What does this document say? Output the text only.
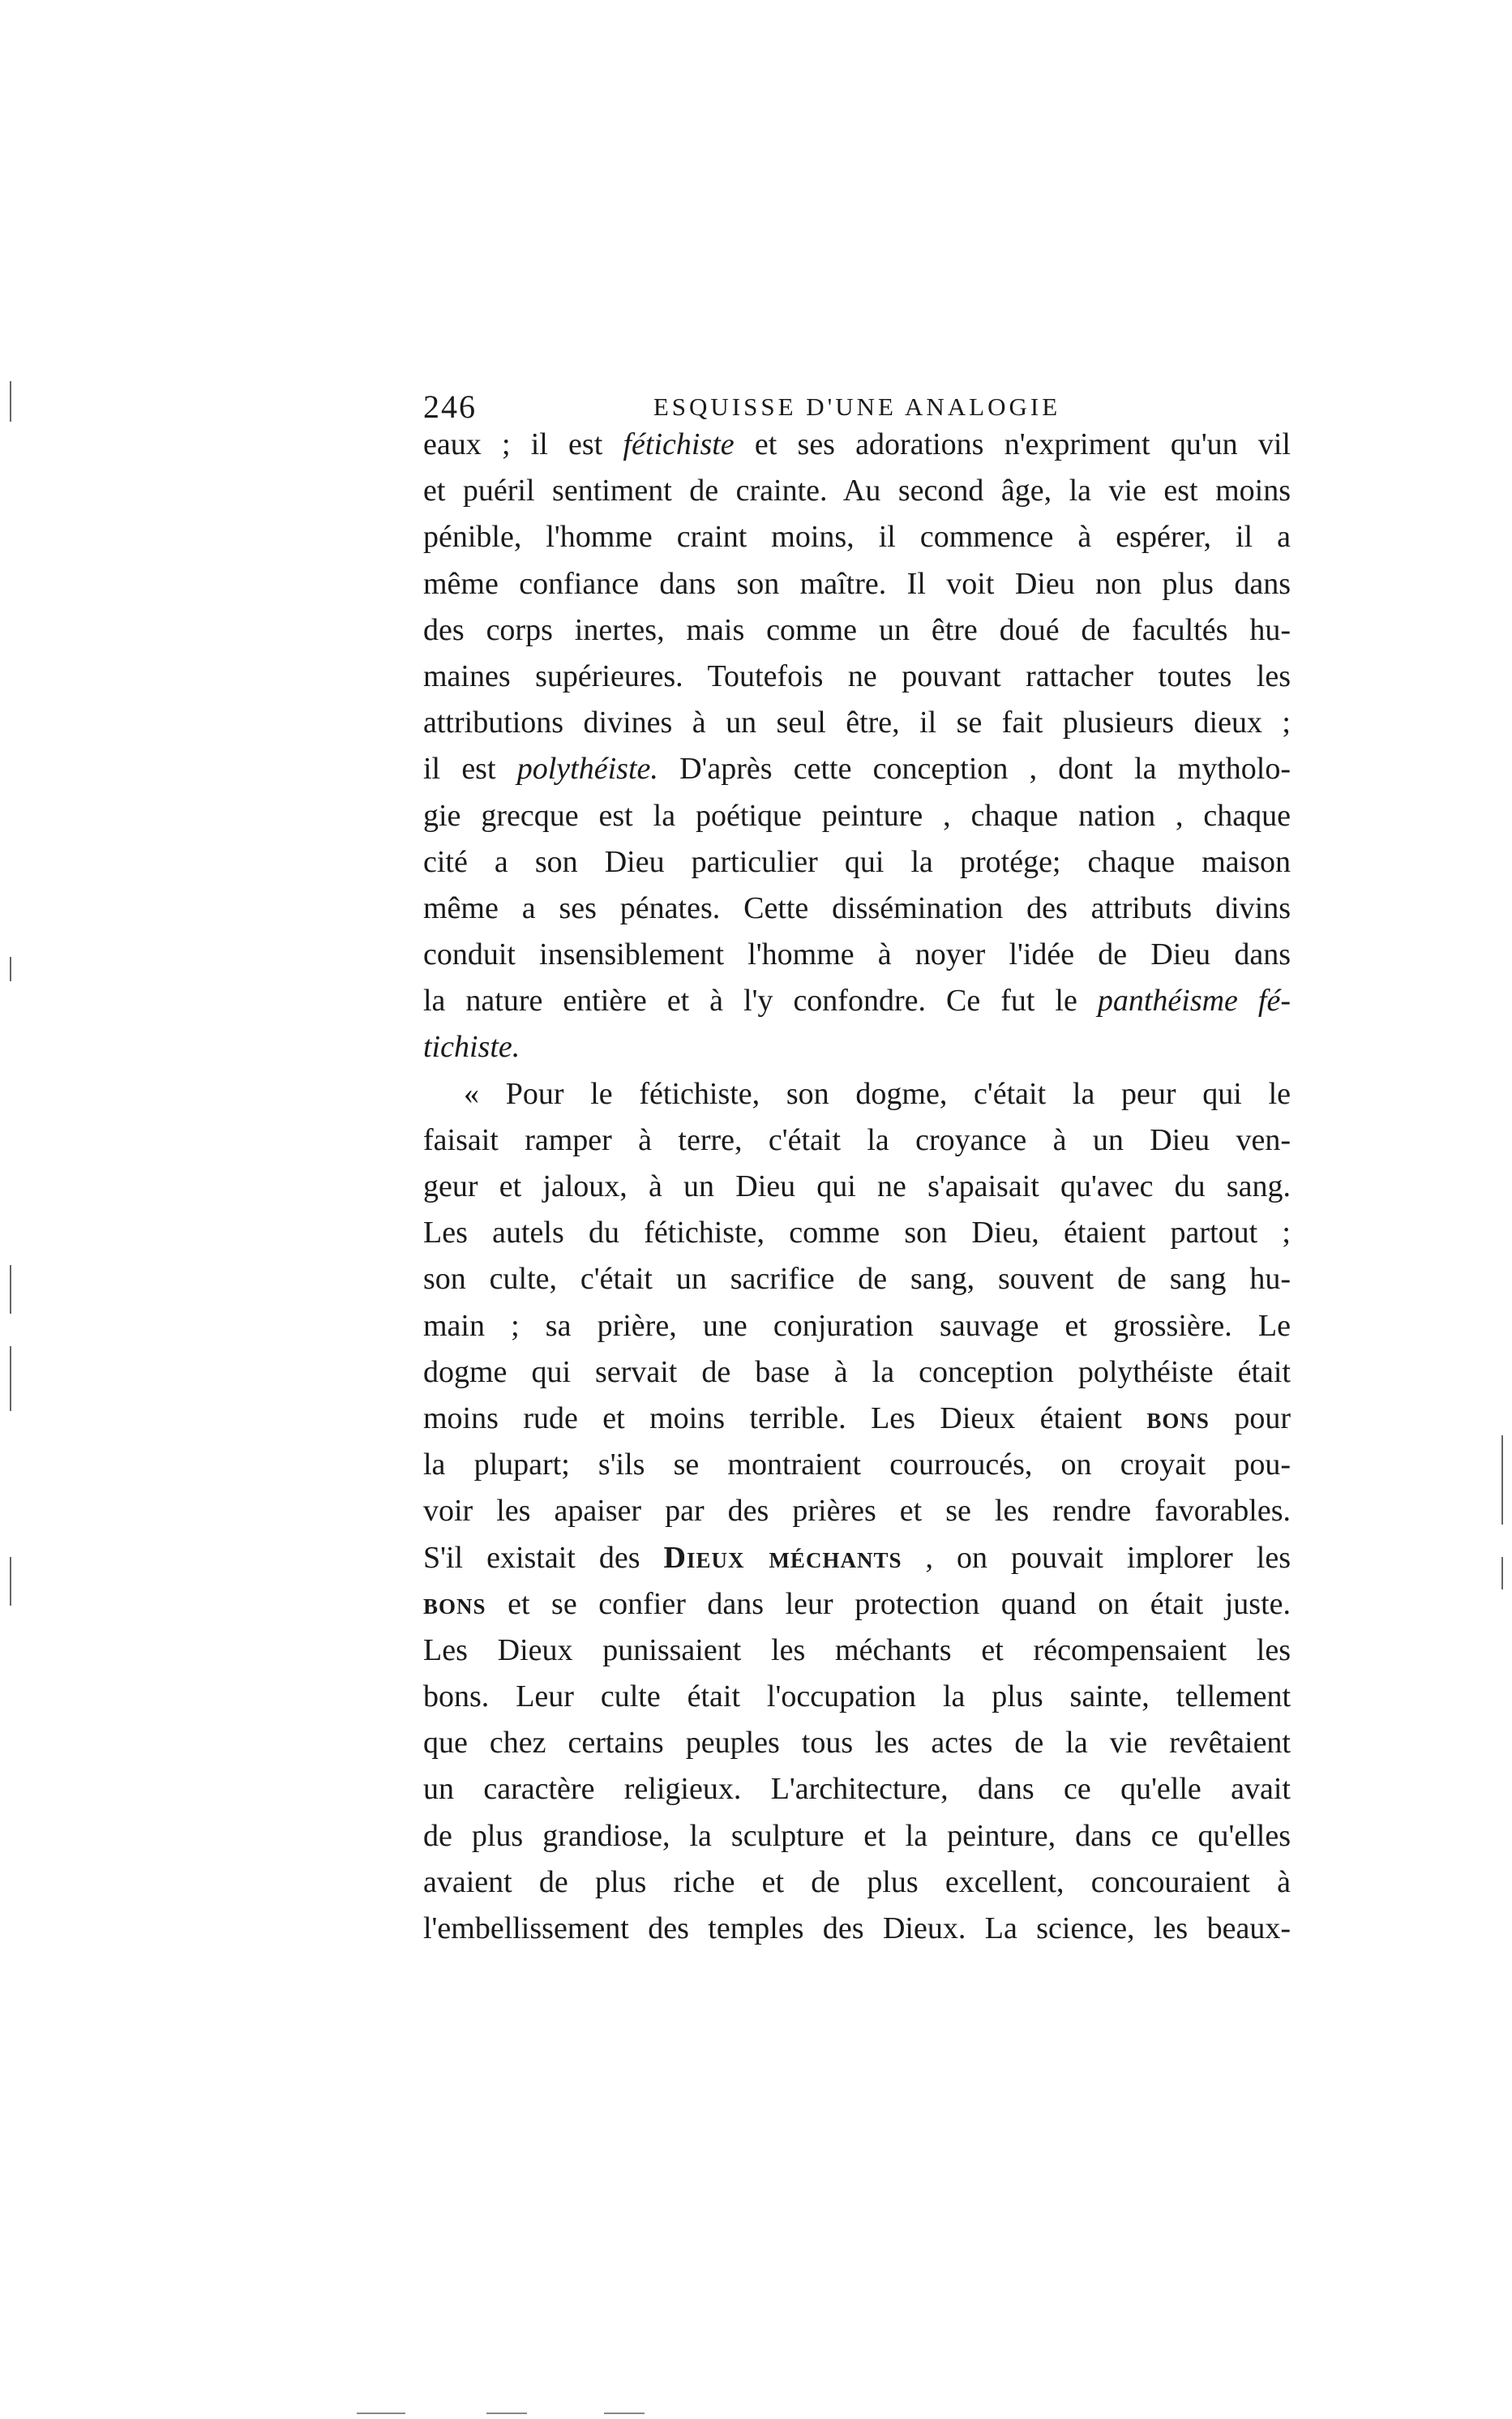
246	ESQUISSE D'UNE ANALOGIE
eaux ; il est fétichiste et ses adorations n'expriment qu'un vil
et puéril sentiment de crainte. Au second âge, la vie est moins
pénible, l'homme craint moins, il commence à espérer, il a
même confiance dans son maître. Il voit Dieu non plus dans
des corps inertes, mais comme un être doué de facultés hu-
maines supérieures. Toutefois ne pouvant rattacher toutes les
attributions divines à un seul être, il se fait plusieurs dieux ;
il est polythéiste. D'après cette conception , dont la mytholo-
gie grecque est la poétique peinture , chaque nation , chaque
cité a son Dieu particulier qui la protége; chaque maison
même a ses pénates. Cette dissémination des attributs divins
conduit insensiblement l'homme à noyer l'idée de Dieu dans
la nature entière et à l'y confondre. Ce fut le panthéisme fé-
tichiste.
« Pour le fétichiste, son dogme, c'était la peur qui le
faisait ramper à terre, c'était la croyance à un Dieu ven-
geur et jaloux, à un Dieu qui ne s'apaisait qu'avec du sang.
Les autels du fétichiste, comme son Dieu, étaient partout ;
son culte, c'était un sacrifice de sang, souvent de sang hu-
main ; sa prière, une conjuration sauvage et grossière. Le
dogme qui servait de base à la conception polythéiste était
moins rude et moins terrible. Les Dieux étaient bons pour
la plupart; s'ils se montraient courroucés, on croyait pou-
voir les apaiser par des prières et se les rendre favorables.
S'il existait des Dieux méchants , on pouvait implorer les
bons et se confier dans leur protection quand on était juste.
Les Dieux punissaient les méchants et récompensaient les
bons. Leur culte était l'occupation la plus sainte, tellement
que chez certains peuples tous les actes de la vie revêtaient
un caractère religieux. L'architecture, dans ce qu'elle avait
de plus grandiose, la sculpture et la peinture, dans ce qu'elles
avaient de plus riche et de plus excellent, concouraient à
l'embellissement des temples des Dieux. La science, les beaux-
